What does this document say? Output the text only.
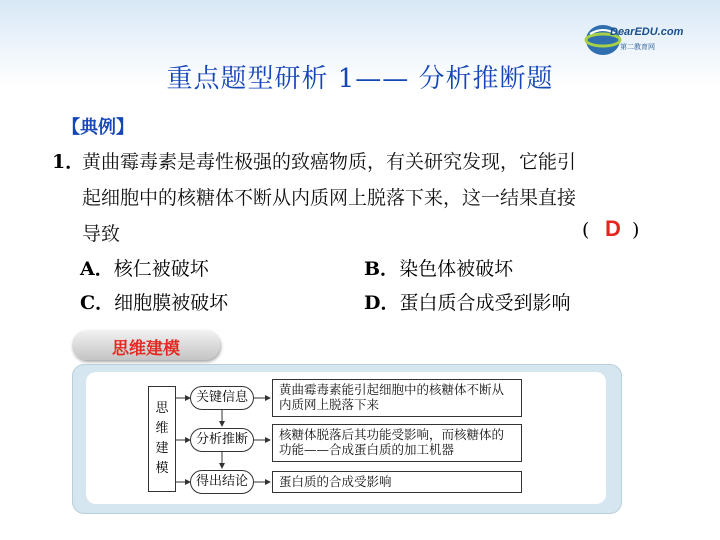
DearEDU.com
第二教育网
重点题型研析 1—— 分析推断题
【典例】
1．
黄曲霉毒素是毒性极强的致癌物质，有关研究发现，它能引
起细胞中的核糖体不断从内质网上脱落下来，这一结果直接
导致	( D )
A．核仁被破坏	B．染色体被破坏
C．细胞膜被破坏	D．蛋白质合成受到影响
思维建模
思
维
建
模
关键信息
分析推断
得出结论
黄曲霉毒素能引起细胞中的核糖体不断从内质网上脱落下来
核糖体脱落后其功能受影响，而核糖体的功能——合成蛋白质的加工机器
蛋白质的合成受影响
